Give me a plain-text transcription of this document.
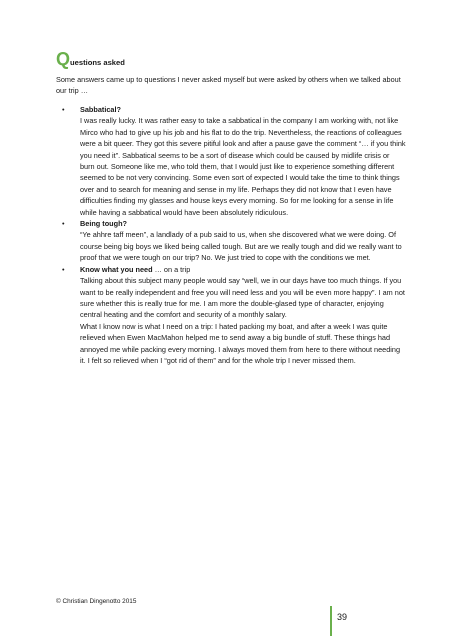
Questions asked

Some answers came up to questions I never asked myself but were asked by others when we talked about our trip …

• Sabbatical?

I was really lucky. It was rather easy to take a sabbatical in the company I am working with, not like Mirco who had to give up his job and his flat to do the trip. Nevertheless, the reactions of colleagues were a bit queer. They got this severe pitiful look and after a pause gave the comment “… if you think you need it”. Sabbatical seems to be a sort of disease which could be caused by midlife crisis or burn out. Someone like me, who told them, that I would just like to experience something different seemed to be not very convincing. Some even sort of expected I would take the time to think things over and to search for meaning and sense in my life. Perhaps they did not know that I even have difficulties finding my glasses and house keys every morning. So for me looking for a sense in life while having a sabbatical would have been absolutely ridiculous.

• Being tough?

“Ye ahhre taff meen”, a landlady of a pub said to us, when she discovered what we were doing. Of course being big boys we liked being called tough. But are we really tough and did we really want to proof that we were tough on our trip? No. We just tried to cope with the conditions we met.

• Know what you need … on a trip

Talking about this subject many people would say “well, we in our days have too much things. If you want to be really independent and free you will need less and you will be even more happy”. I am not sure whether this is really true for me. I am more the double-glased type of character, enjoying central heating and the comfort and security of a monthly salary.

What I know now is what I need on a trip: I hated packing my boat, and after a week I was quite relieved when Ewen MacMahon helped me to send away a big bundle of stuff. These things had annoyed me while packing every morning. I always moved them from here to there without needing it. I felt so relieved when I “got rid of them” and for the whole trip I never missed them.

© Christian Dingenotto 2015
39
